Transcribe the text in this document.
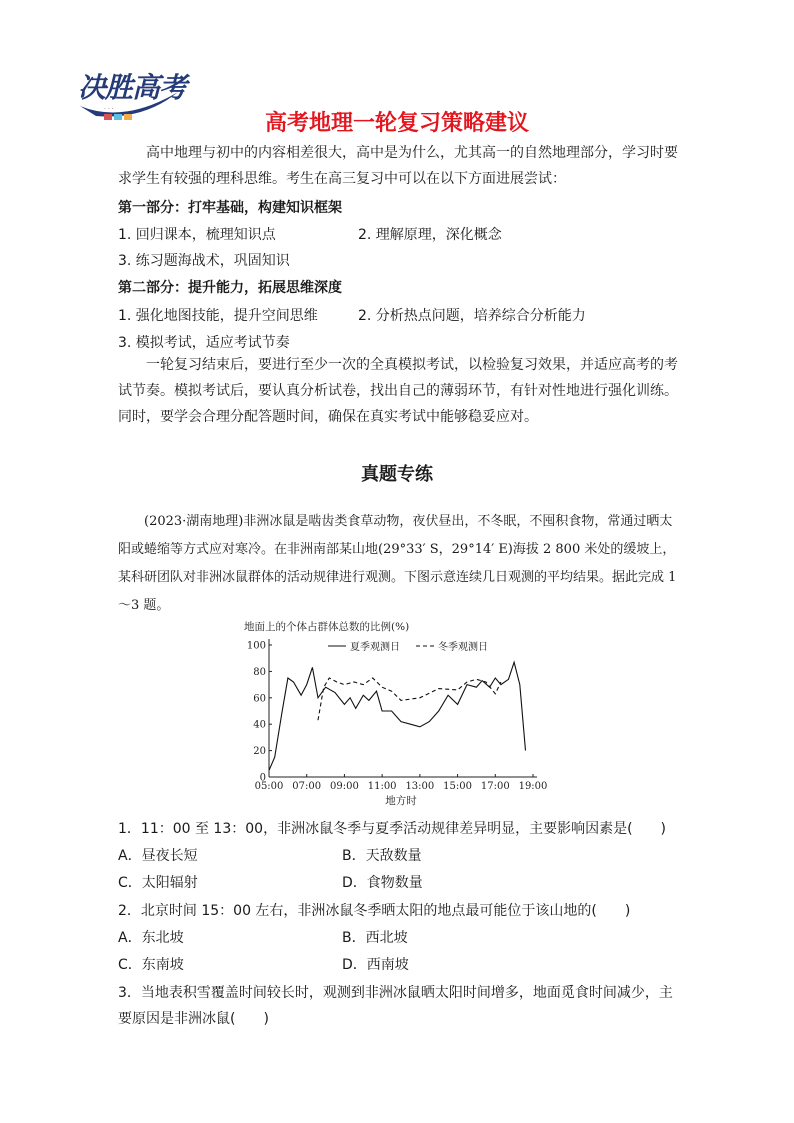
决胜高考
· · ·
高考地理一轮复习策略建议
高中地理与初中的内容相差很大，高中是为什么，尤其高一的自然地理部分，学习时要求学生有较强的理科思维。考生在高三复习中可以在以下方面进展尝试：
第一部分：打牢基础，构建知识框架
1. 回归课本，梳理知识点	2. 理解原理，深化概念
3. 练习题海战术，巩固知识
第二部分：提升能力，拓展思维深度
1. 强化地图技能，提升空间思维	2. 分析热点问题，培养综合分析能力
3. 模拟考试，适应考试节奏
一轮复习结束后，要进行至少一次的全真模拟考试，以检验复习效果，并适应高考的考试节奏。模拟考试后，要认真分析试卷，找出自己的薄弱环节，有针对性地进行强化训练。同时，要学会合理分配答题时间，确保在真实考试中能够稳妥应对。
真题专练
(2023·湖南地理)非洲冰鼠是啮齿类食草动物，夜伏昼出，不冬眠，不囤积食物，常通过晒太阳或蜷缩等方式应对寒冷。在非洲南部某山地(29°33′ S，29°14′ E)海拔 2 800 米处的缓坡上，某科研团队对非洲冰鼠群体的活动规律进行观测。下图示意连续几日观测的平均结果。据此完成 1～3 题。
地面上的个体占群体总数的比例(%)
0
20
40
60
80
100
05:00 07:00 09:00 11:00 13:00 15:00 17:00 19:00
地方时
夏季观测日	冬季观测日
1．11：00 至 13：00，非洲冰鼠冬季与夏季活动规律差异明显，主要影响因素是(　　)
A．昼夜长短	B．天敌数量
C．太阳辐射	D．食物数量
2．北京时间 15：00 左右，非洲冰鼠冬季晒太阳的地点最可能位于该山地的(　　)
A．东北坡	B．西北坡
C．东南坡	D．西南坡
3．当地表积雪覆盖时间较长时，观测到非洲冰鼠晒太阳时间增多，地面觅食时间减少，主要原因是非洲冰鼠(　　)
